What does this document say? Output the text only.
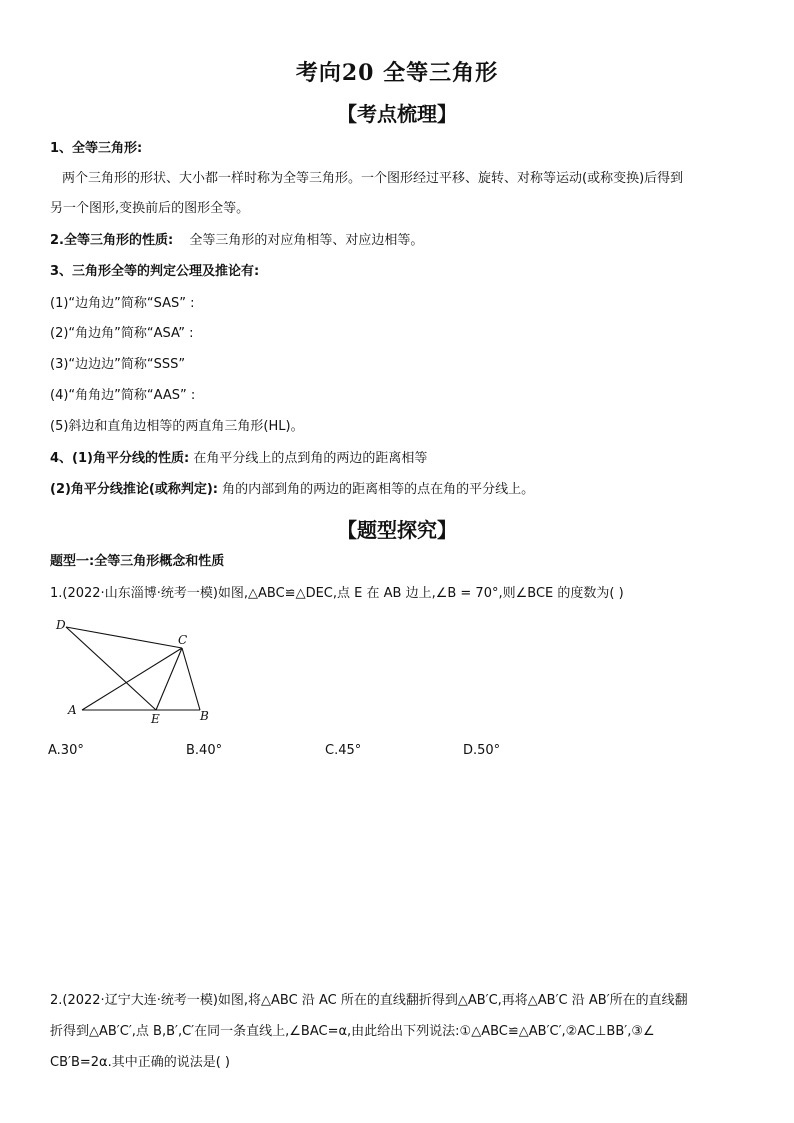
考向20 全等三角形
【考点梳理】
1、全等三角形:
两个三角形的形状、大小都一样时称为全等三角形。一个图形经过平移、旋转、对称等运动(或称变换)后得到
另一个图形,变换前后的图形全等。
2.全等三角形的性质: 全等三角形的对应角相等、对应边相等。
3、三角形全等的判定公理及推论有:
(1)“边角边”简称“SAS” :
(2)“角边角”简称“ASA” :
(3)“边边边”简称“SSS”
(4)“角角边”简称“AAS” :
(5)斜边和直角边相等的两直角三角形(HL)。
4、(1)角平分线的性质: 在角平分线上的点到角的两边的距离相等
(2)角平分线推论(或称判定): 角的内部到角的两边的距离相等的点在角的平分线上。
【题型探究】
题型一:全等三角形概念和性质
1.(2022·山东淄博·统考一模)如图,△ABC≌△DEC,点 E 在 AB 边上,∠B = 70°,则∠BCE 的度数为( )
D
C
A
E	B
A.30°	B.40°	C.45°	D.50°
2.(2022·辽宁大连·统考一模)如图,将△ABC 沿 AC 所在的直线翻折得到△AB′C,再将△AB′C 沿 AB′所在的直线翻
折得到△AB′C′,点 B,B′,C′在同一条直线上,∠BAC=α,由此给出下列说法:①△ABC≌△AB′C′,②AC⊥BB′,③∠
CB′B=2α.其中正确的说法是( )
